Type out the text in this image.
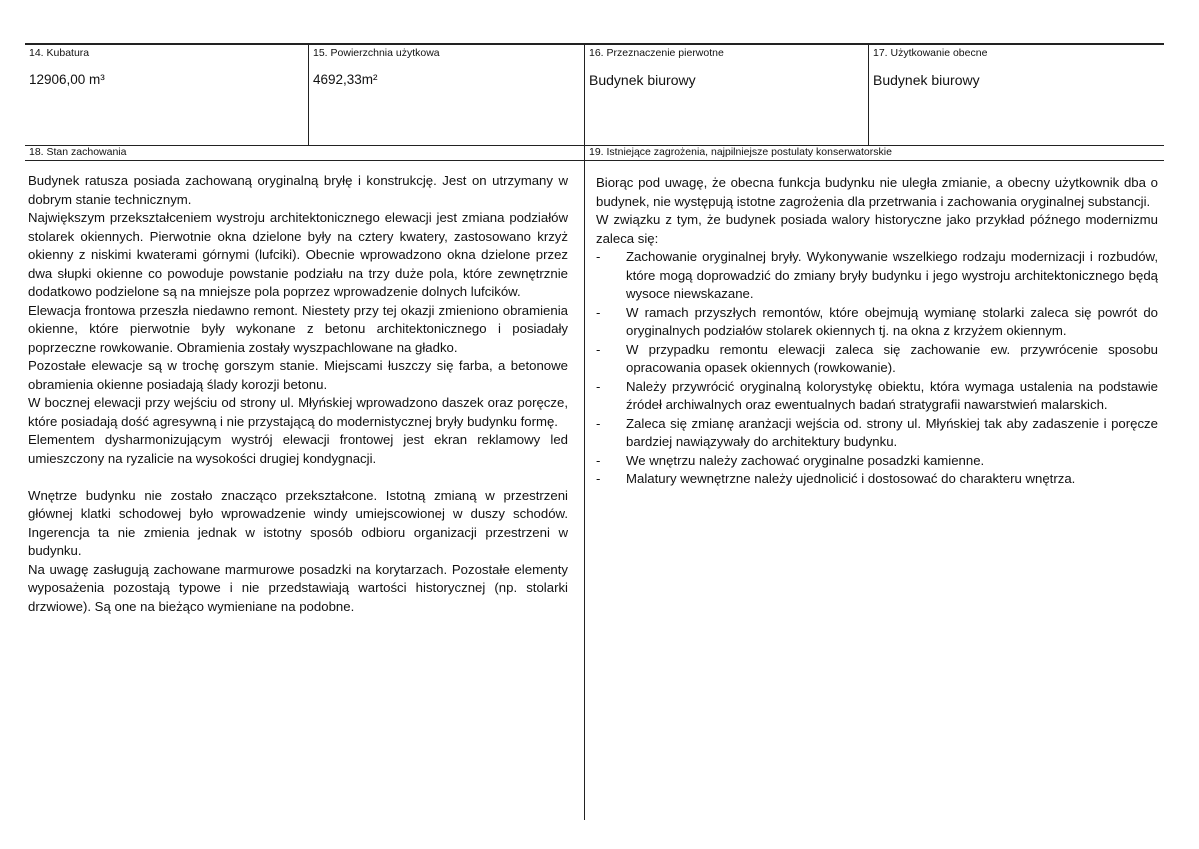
14. Kubatura
12906,00 m³
15. Powierzchnia użytkowa
4692,33m²
16. Przeznaczenie pierwotne
Budynek biurowy
17. Użytkowanie obecne
Budynek biurowy
18. Stan zachowania	19. Istniejące zagrożenia, najpilniejsze postulaty konserwatorskie

Budynek ratusza posiada zachowaną oryginalną bryłę i konstrukcję. Jest on utrzymany w dobrym stanie technicznym.

Największym przekształceniem wystroju architektonicznego elewacji jest zmiana podziałów stolarek okiennych. Pierwotnie okna dzielone były na cztery kwatery, zastosowano krzyż okienny z niskimi kwaterami górnymi (lufciki). Obecnie wprowadzono okna dzielone przez dwa słupki okienne co powoduje powstanie podziału na trzy duże pola, które zewnętrznie dodatkowo podzielone są na mniejsze pola poprzez wprowadzenie dolnych lufcików.

Elewacja frontowa przeszła niedawno remont. Niestety przy tej okazji zmieniono obramienia okienne, które pierwotnie były wykonane z betonu architektonicznego i posiadały poprzeczne rowkowanie. Obramienia zostały wyszpachlowane na gładko.

Pozostałe elewacje są w trochę gorszym stanie. Miejscami łuszczy się farba, a betonowe obramienia okienne posiadają ślady korozji betonu.

W bocznej elewacji przy wejściu od strony ul. Młyńskiej wprowadzono daszek oraz poręcze, które posiadają dość agresywną i nie przystającą do modernistycznej bryły budynku formę.

Elementem dysharmonizującym wystrój elewacji frontowej jest ekran reklamowy led umieszczony na ryzalicie na wysokości drugiej kondygnacji.

Wnętrze budynku nie zostało znacząco przekształcone. Istotną zmianą w przestrzeni głównej klatki schodowej było wprowadzenie windy umiejscowionej w duszy schodów. Ingerencja ta nie zmienia jednak w istotny sposób odbioru organizacji przestrzeni w budynku.

Na uwagę zasługują zachowane marmurowe posadzki na korytarzach. Pozostałe elementy wyposażenia pozostają typowe i nie przedstawiają wartości historycznej (np. stolarki drzwiowe). Są one na bieżąco wymieniane na podobne.

Biorąc pod uwagę, że obecna funkcja budynku nie uległa zmianie, a obecny użytkownik dba o budynek, nie występują istotne zagrożenia dla przetrwania i zachowania oryginalnej substancji.

W związku z tym, że budynek posiada walory historyczne jako przykład późnego modernizmu zaleca się:

- Zachowanie oryginalnej bryły. Wykonywanie wszelkiego rodzaju modernizacji i rozbudów, które mogą doprowadzić do zmiany bryły budynku i jego wystroju architektonicznego będą wysoce niewskazane.
- W ramach przyszłych remontów, które obejmują wymianę stolarki zaleca się powrót do oryginalnych podziałów stolarek okiennych tj. na okna z krzyżem okiennym.
- W przypadku remontu elewacji zaleca się zachowanie ew. przywrócenie sposobu opracowania opasek okiennych (rowkowanie).
- Należy przywrócić oryginalną kolorystykę obiektu, która wymaga ustalenia na podstawie źródeł archiwalnych oraz ewentualnych badań stratygrafii nawarstwień malarskich.
- Zaleca się zmianę aranżacji wejścia od. strony ul. Młyńskiej tak aby zadaszenie i poręcze bardziej nawiązywały do architektury budynku.
- We wnętrzu należy zachować oryginalne posadzki kamienne.
- Malatury wewnętrzne należy ujednolicić i dostosować do charakteru wnętrza.
